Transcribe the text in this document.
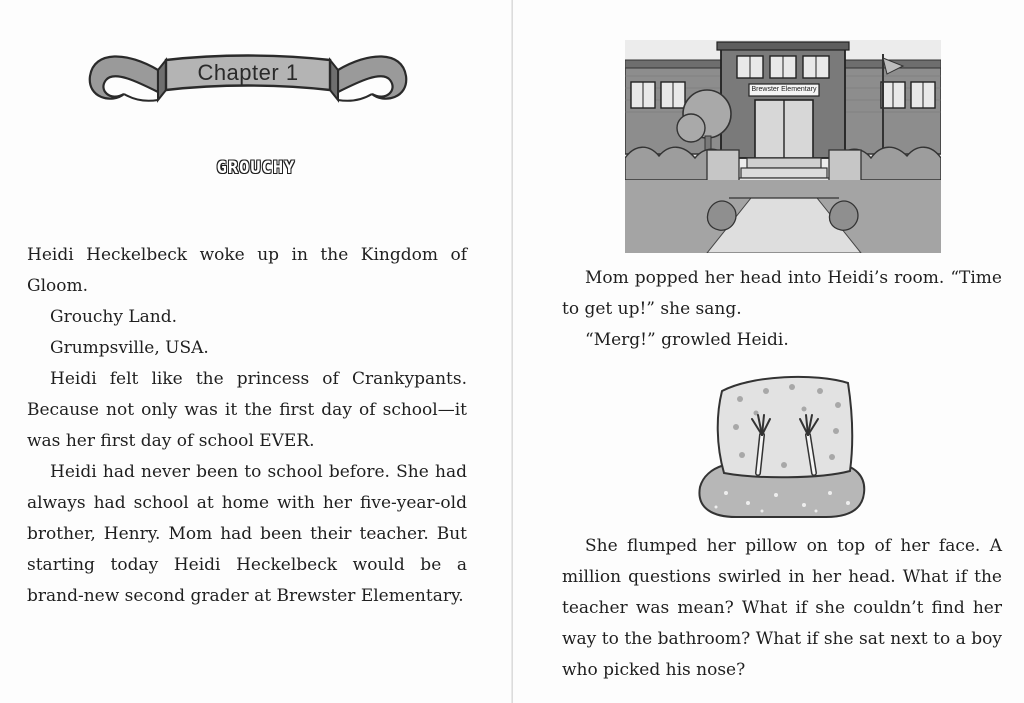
Chapter 1
GROUCHY

Heidi Heckelbeck woke up in the Kingdom of Gloom.

Grouchy Land.

Grumpsville, USA.

Heidi felt like the princess of Crankypants. Because not only was it the first day of school—it was her first day of school EVER.

Heidi had never been to school before. She had always had school at home with her five-year-old brother, Henry. Mom had been their teacher. But starting today Heidi Heckelbeck would be a brand-new second grader at Brewster Elementary.

Brewster Elementary

Mom popped her head into Heidi’s room. “Time to get up!” she sang.

“Merg!” growled Heidi.

She flumped her pillow on top of her face. A million questions swirled in her head. What if the teacher was mean? What if she couldn’t find her way to the bathroom? What if she sat next to a boy who picked his nose?
